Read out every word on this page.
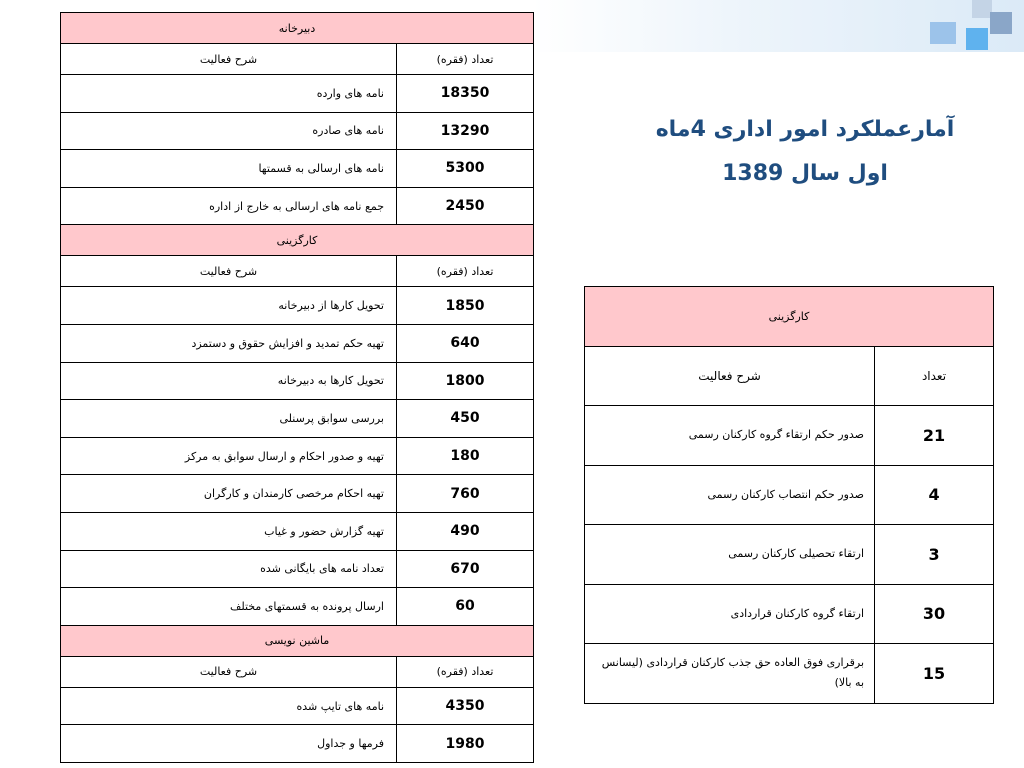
دبیرخانه	
تعداد (فقره)	شرح فعالیت
18350	نامه های وارده
13290	نامه های صادره
5300	نامه های ارسالی به قسمتها
2450	جمع نامه های ارسالی به خارج از اداره
کارگزینی	
تعداد (فقره)	شرح فعالیت
1850	تحویل کارها از دبیرخانه
640	تهیه حکم تمدید و افزایش حقوق و دستمزد
1800	تحویل کارها به دبیرخانه
450	بررسی سوابق پرسنلی
180	تهیه و صدور احکام و ارسال سوابق به مرکز
760	تهیه احکام مرخصی کارمندان و کارگران
490	تهیه گزارش حضور و غیاب
670	تعداد نامه های بایگانی شده
60	ارسال پرونده به قسمتهای مختلف
ماشین نویسی	
تعداد (فقره)	شرح فعالیت
4350	نامه های تایپ شده
1980	فرمها و جداول
آمارعملکرد امور اداری 4ماه
اول سال 1389
کارگزینی	
تعداد	شرح فعالیت
21	صدور حکم ارتقاء گروه کارکنان رسمی
4	صدور حکم انتصاب کارکنان رسمی
3	ارتقاء تحصیلی کارکنان رسمی
30	ارتقاء گروه کارکنان قراردادی
15	برقراری فوق العاده حق جذب کارکنان قراردادی (لیسانس به بالا)
